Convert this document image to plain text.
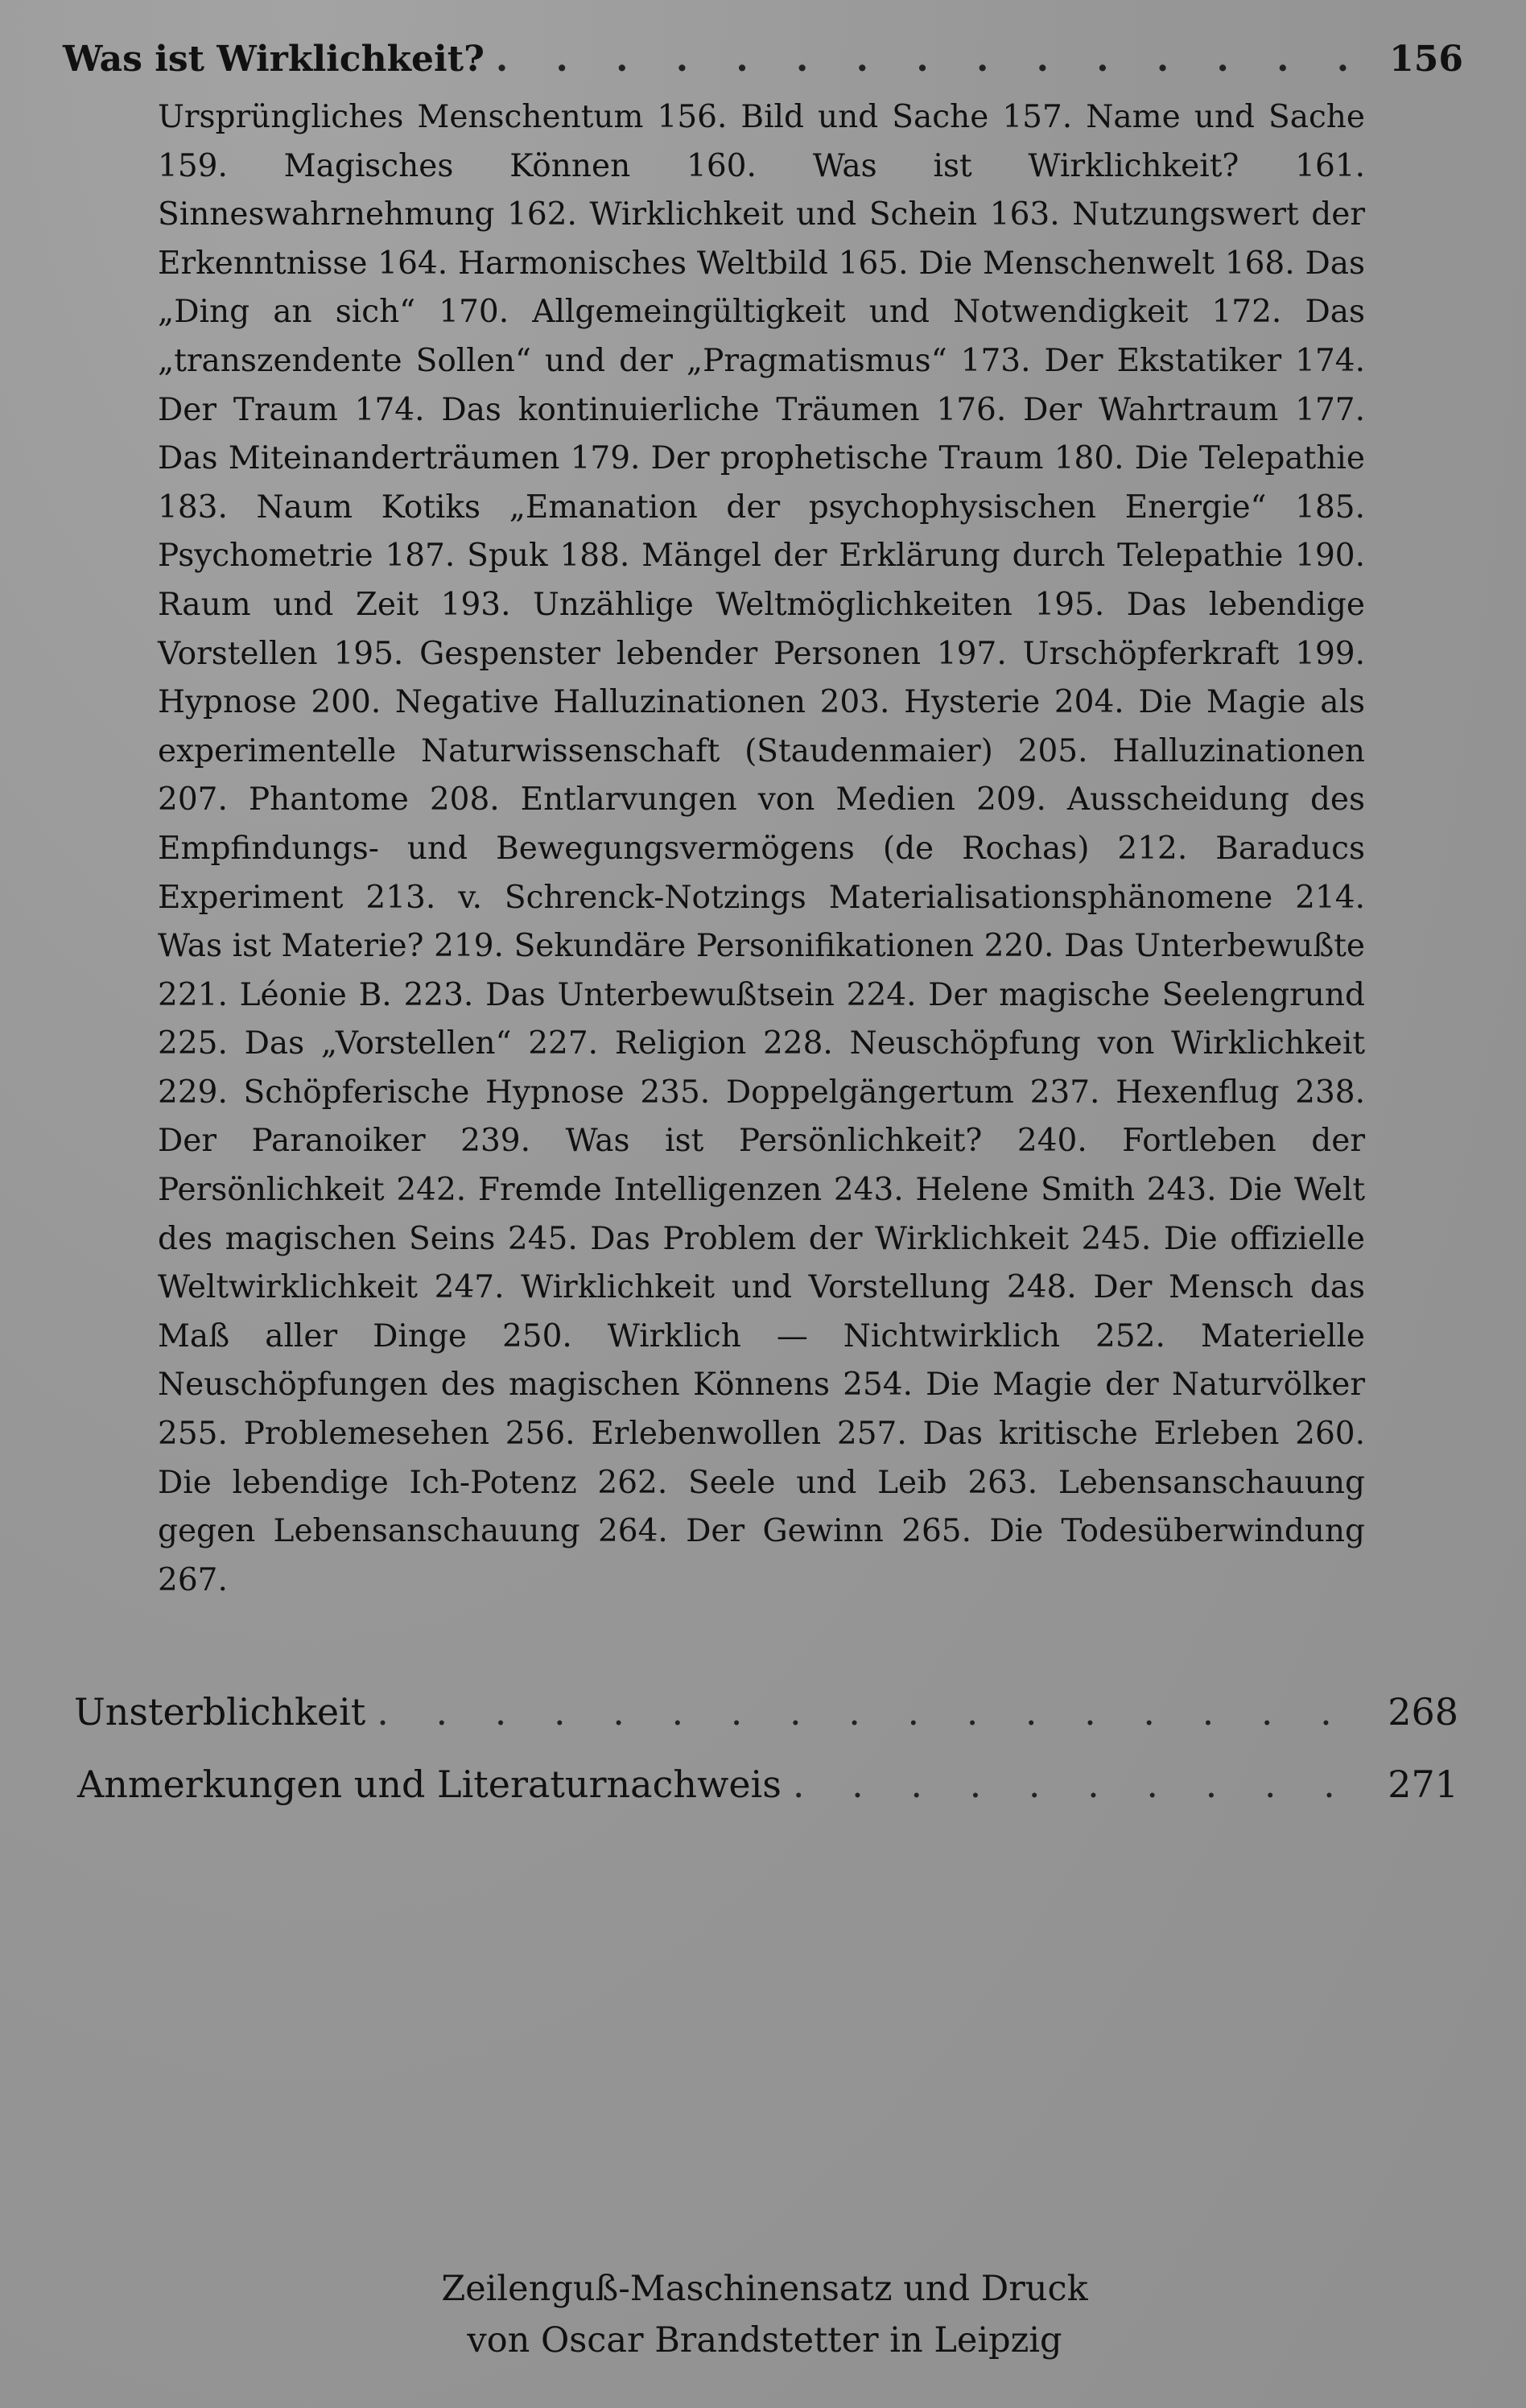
Was ist Wirklichkeit? . . .	156
Ursprüngliches Menschentum 156. Bild und Sache 157. Name und Sache 159. Magisches Können 160. Was ist Wirklichkeit? 161. Sinneswahrnehmung 162. Wirklichkeit und Schein 163. Nutzungswert der Erkenntnisse 164. Harmonisches Weltbild 165. Die Menschenwelt 168. Das „Ding an sich“ 170. Allgemeingültigkeit und Notwendigkeit 172. Das „transzendente Sollen“ und der „Pragmatismus“ 173. Der Ekstatiker 174. Der Traum 174. Das kontinuierliche Träumen 176. Der Wahrtraum 177. Das Miteinanderträumen 179. Der prophetische Traum 180. Die Telepathie 183. Naum Kotiks „Emanation der psychophysischen Energie“ 185. Psychometrie 187. Spuk 188. Mängel der Erklärung durch Telepathie 190. Raum und Zeit 193. Unzählige Weltmöglichkeiten 195. Das lebendige Vorstellen 195. Gespenster lebender Personen 197. Urschöpferkraft 199. Hypnose 200. Negative Halluzinationen 203. Hysterie 204. Die Magie als experimentelle Naturwissenschaft (Staudenmaier) 205. Halluzinationen 207. Phantome 208. Entlarvungen von Medien 209. Ausscheidung des Empfindungs- und Bewegungsvermögens (de Rochas) 212. Baraducs Experiment 213. v. Schrenck-Notzings Materialisationsphänomene 214. Was ist Materie? 219. Sekundäre Personifikationen 220. Das Unterbewußte 221. Léonie B. 223. Das Unterbewußtsein 224. Der magische Seelengrund 225. Das „Vorstellen“ 227. Religion 228. Neuschöpfung von Wirklichkeit 229. Schöpferische Hypnose 235. Doppelgängertum 237. Hexenflug 238. Der Paranoiker 239. Was ist Persönlichkeit? 240. Fortleben der Persönlichkeit 242. Fremde Intelligenzen 243. Helene Smith 243. Die Welt des magischen Seins 245. Das Problem der Wirklichkeit 245. Die offizielle Weltwirklichkeit 247. Wirklichkeit und Vorstellung 248. Der Mensch das Maß aller Dinge 250. Wirklich — Nichtwirklich 252. Materielle Neuschöpfungen des magischen Könnens 254. Die Magie der Naturvölker 255. Problemesehen 256. Erlebenwollen 257. Das kritische Erleben 260. Die lebendige Ich-Potenz 262. Seele und Leib 263. Lebensanschauung gegen Lebensanschauung 264. Der Gewinn 265. Die Todesüberwindung 267.
Unsterblichkeit . . .	268
Anmerkungen und Literaturnachweis . . .	271
Zeilenguß-Maschinensatz und Druck
von Oscar Brandstetter in Leipzig
